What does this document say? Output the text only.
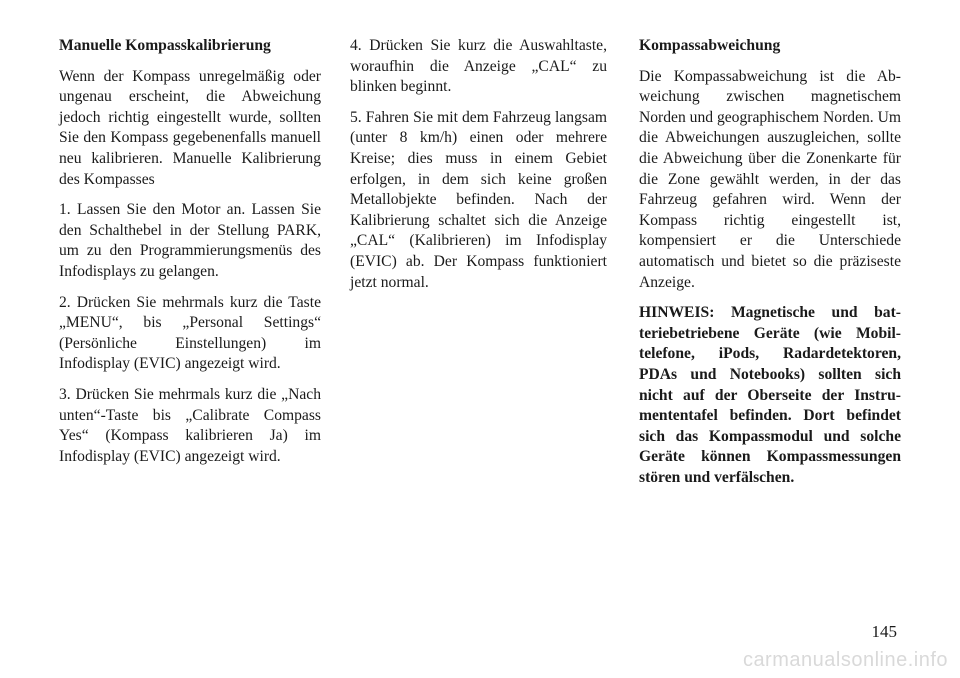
Manuelle Kompasskalibrierung

Wenn der Kompass unregelmäßig oder ungenau erscheint, die Abweichung jedoch richtig eingestellt wurde, sollten Sie den Kompass gegebenenfalls manuell neu kalibrieren. Manuelle Kalibrierung des Kompasses

1. Lassen Sie den Motor an. Lassen Sie den Schalthebel in der Stellung PARK, um zu den Programmierungsmenüs des Infodisplays zu gelangen.

2. Drücken Sie mehrmals kurz die Taste „MENU“, bis „Personal Settings“ (Persönliche Einstellungen) im Infodisplay (EVIC) angezeigt wird.

3. Drücken Sie mehrmals kurz die „Nach unten“-Taste bis „Calibrate Compass Yes“ (Kompass kalibrieren Ja) im Infodisplay (EVIC) angezeigt wird.

4. Drücken Sie kurz die Auswahltaste, woraufhin die Anzeige „CAL“ zu blinken beginnt.

5. Fahren Sie mit dem Fahrzeug langsam (unter 8 km/h) einen oder mehrere Kreise; dies muss in einem Gebiet erfolgen, in dem sich keine großen Metallobjekte befinden. Nach der Kalibrierung schaltet sich die Anzeige „CAL“ (Kalibrieren) im Infodisplay (EVIC) ab. Der Kompass funktioniert jetzt normal.

Kompassabweichung

Die Kompassabweichung ist die Abweichung zwischen magnetischem Norden und geographischem Norden. Um die Abweichungen auszugleichen, sollte die Abweichung über die Zonenkarte für die Zone gewählt werden, in der das Fahrzeug gefahren wird. Wenn der Kompass richtig eingestellt ist, kompensiert er die Unterschiede automatisch und bietet so die präziseste Anzeige.

HINWEIS: Magnetische und batteriebetriebene Geräte (wie Mobiltelefone, iPods, Radardetektoren, PDAs und Notebooks) sollten sich nicht auf der Oberseite der Instrumententafel befinden. Dort befindet sich das Kompassmodul und solche Geräte können Kompassmessungen stören und verfälschen.

145
carmanualsonline.info
